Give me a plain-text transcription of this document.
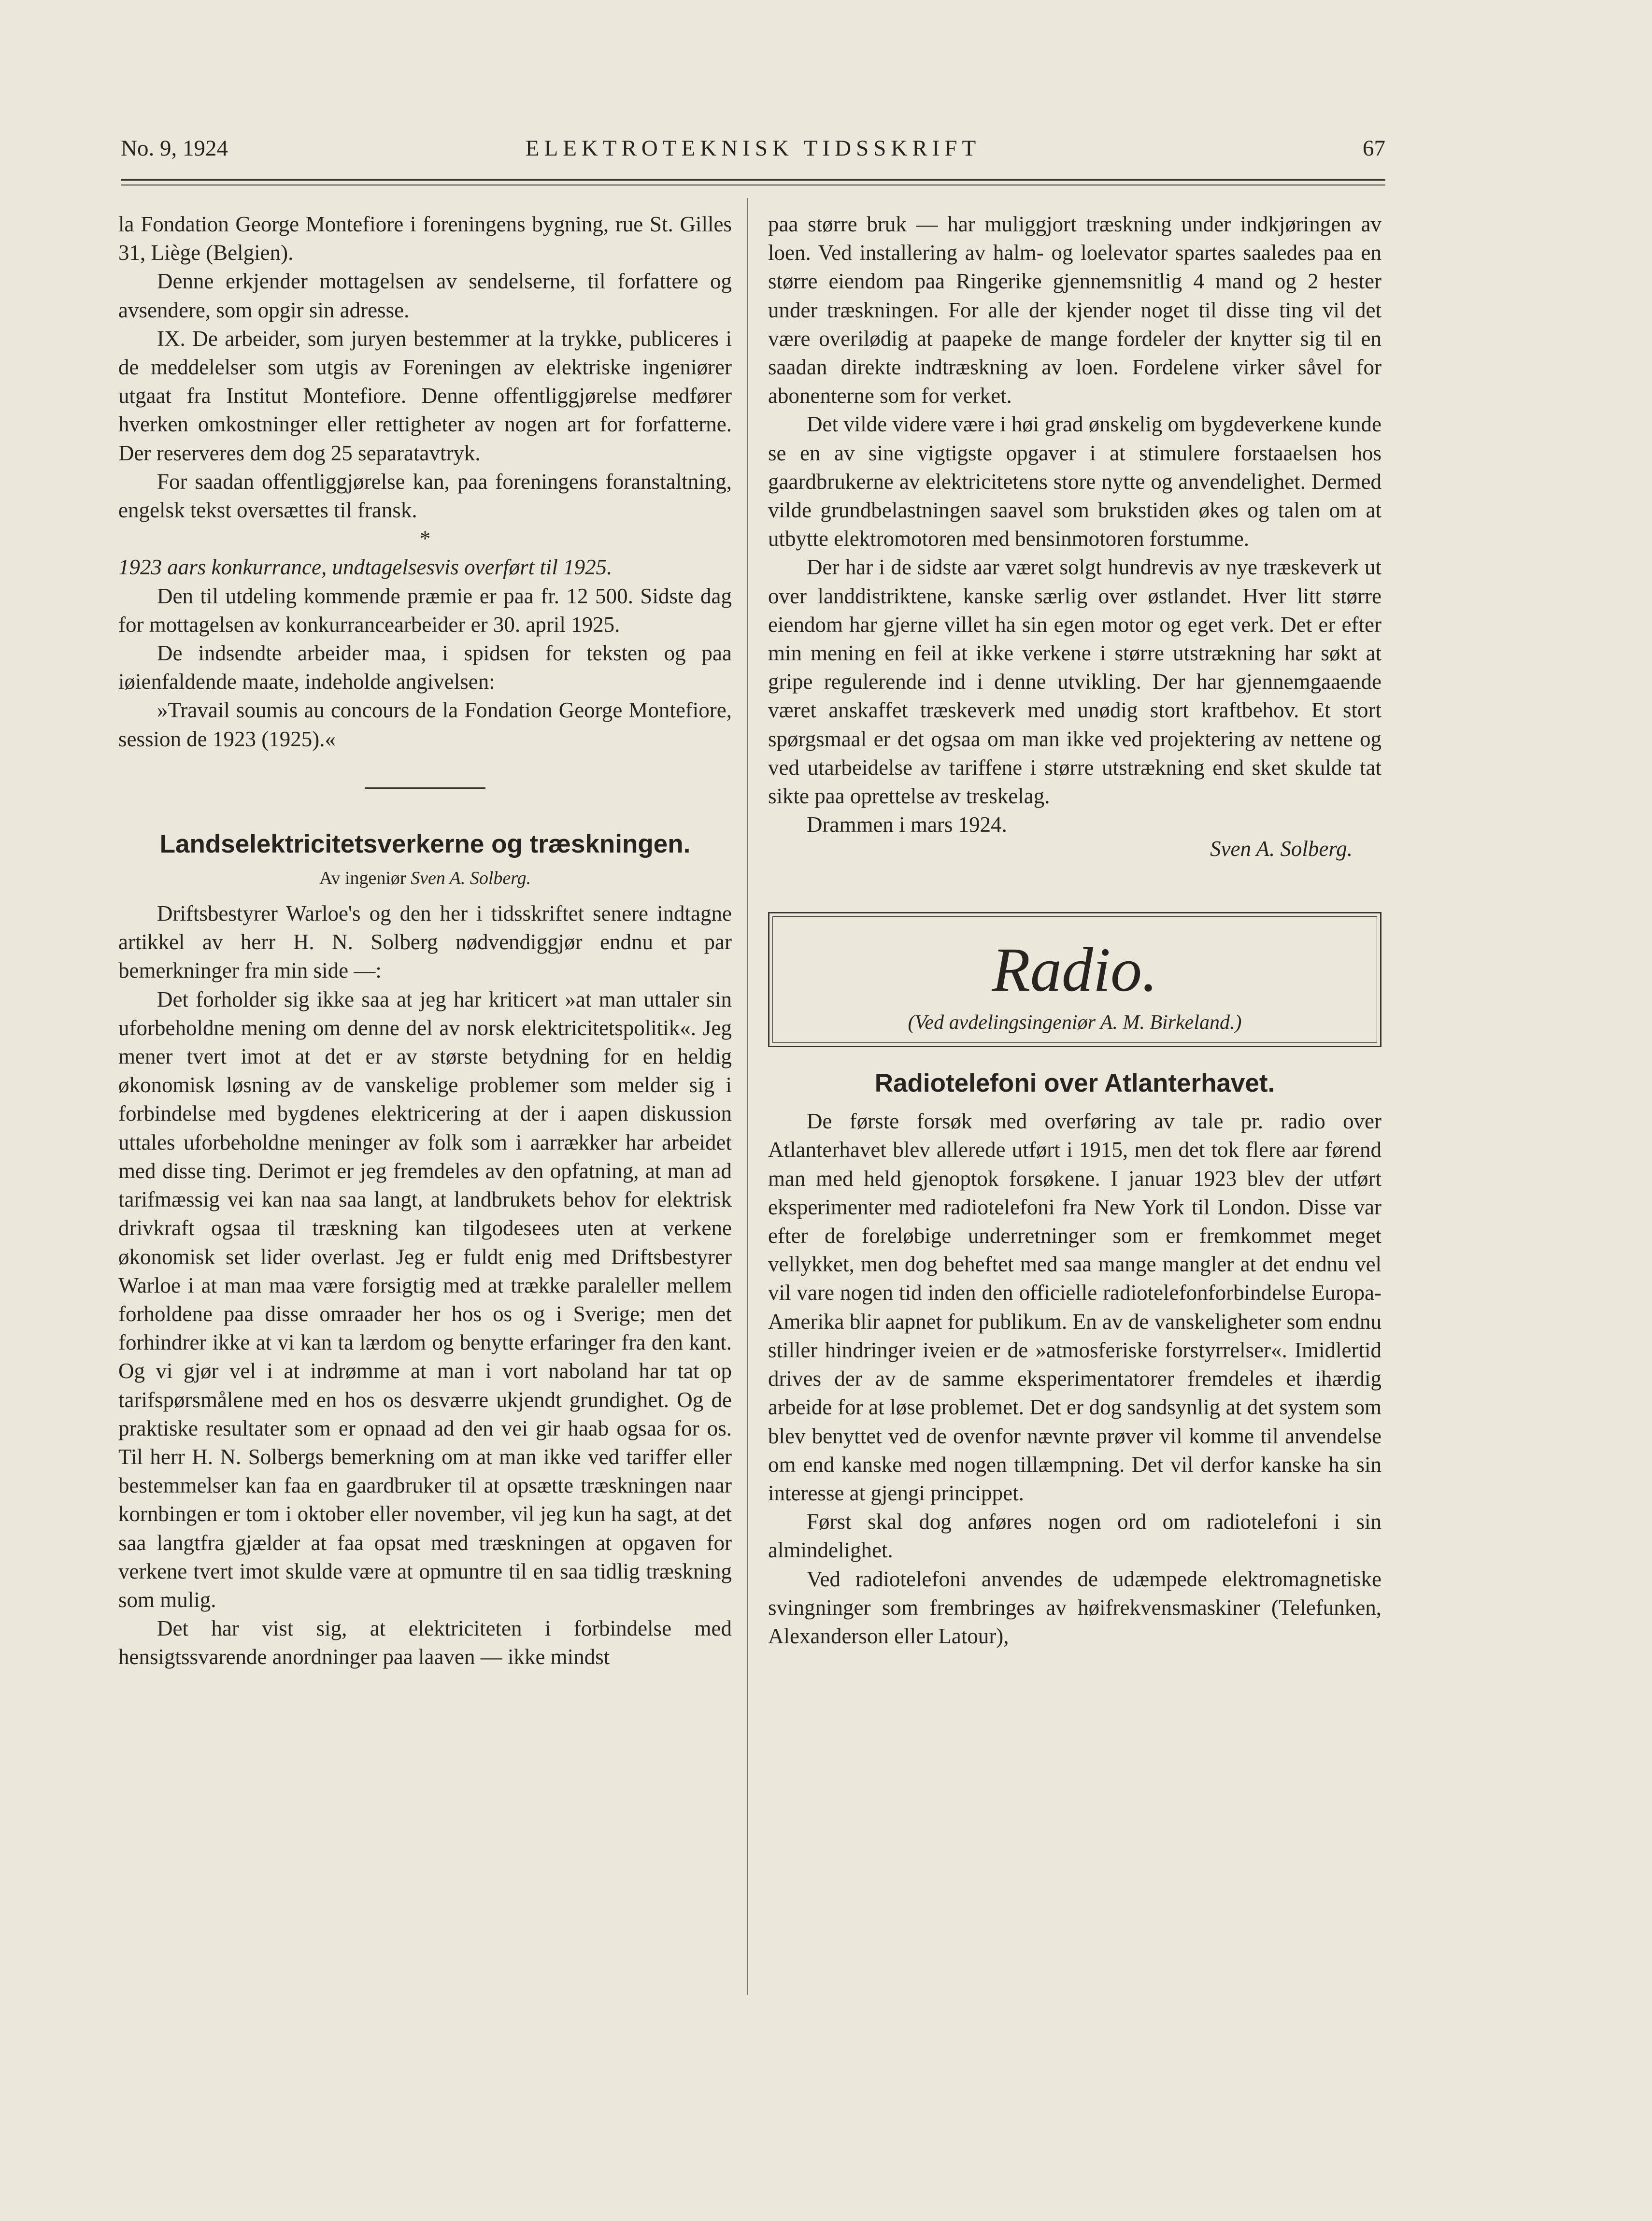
No. 9, 1924	ELEKTROTEKNISK TIDSSKRIFT	67

la Fondation George Montefiore i foreningens bygning, rue St. Gilles 31, Liège (Belgien).

Denne erkjender mottagelsen av sendelserne, til forfattere og avsendere, som opgir sin adresse.

IX. De arbeider, som juryen bestemmer at la trykke, publiceres i de meddelelser som utgis av Foreningen av elektriske ingeniører utgaat fra Institut Montefiore. Denne offentliggjørelse medfører hverken omkostninger eller rettigheter av nogen art for forfatterne. Der reserveres dem dog 25 separatavtryk.

For saadan offentliggjørelse kan, paa foreningens foranstaltning, engelsk tekst oversættes til fransk.

*

1923 aars konkurrance, undtagelsesvis overført til 1925.

Den til utdeling kommende præmie er paa fr. 12 500. Sidste dag for mottagelsen av konkurrancearbeider er 30. april 1925.

De indsendte arbeider maa, i spidsen for teksten og paa iøienfaldende maate, indeholde angivelsen:

»Travail soumis au concours de la Fondation George Montefiore, session de 1923 (1925).«

Landselektricitetsverkerne og træskningen.
Av ingeniør Sven A. Solberg.

Driftsbestyrer Warloe's og den her i tidsskriftet senere indtagne artikkel av herr H. N. Solberg nødvendiggjør endnu et par bemerkninger fra min side —:

Det forholder sig ikke saa at jeg har kriticert »at man uttaler sin uforbeholdne mening om denne del av norsk elektricitetspolitik«. Jeg mener tvert imot at det er av største betydning for en heldig økonomisk løsning av de vanskelige problemer som melder sig i forbindelse med bygdenes elektricering at der i aapen diskussion uttales uforbeholdne meninger av folk som i aarrækker har arbeidet med disse ting. Derimot er jeg fremdeles av den opfatning, at man ad tarifmæssig vei kan naa saa langt, at landbrukets behov for elektrisk drivkraft ogsaa til træskning kan tilgodesees uten at verkene økonomisk set lider overlast. Jeg er fuldt enig med Driftsbestyrer Warloe i at man maa være forsigtig med at trække paraleller mellem forholdene paa disse omraader her hos os og i Sverige; men det forhindrer ikke at vi kan ta lærdom og benytte erfaringer fra den kant. Og vi gjør vel i at indrømme at man i vort naboland har tat op tarifspørsmålene med en hos os desværre ukjendt grundighet. Og de praktiske resultater som er opnaad ad den vei gir haab ogsaa for os. Til herr H. N. Solbergs bemerkning om at man ikke ved tariffer eller bestemmelser kan faa en gaardbruker til at opsætte træskningen naar kornbingen er tom i oktober eller november, vil jeg kun ha sagt, at det saa langtfra gjælder at faa opsat med træskningen at opgaven for verkene tvert imot skulde være at opmuntre til en saa tidlig træskning som mulig.

Det har vist sig, at elektriciteten i forbindelse med hensigtssvarende anordninger paa laaven — ikke mindst

paa større bruk — har muliggjort træskning under indkjøringen av loen. Ved installering av halm- og loelevator spartes saaledes paa en større eiendom paa Ringerike gjennemsnitlig 4 mand og 2 hester under træskningen. For alle der kjender noget til disse ting vil det være overilødig at paapeke de mange fordeler der knytter sig til en saadan direkte indtræskning av loen. Fordelene virker såvel for abonenterne som for verket.

Det vilde videre være i høi grad ønskelig om bygdeverkene kunde se en av sine vigtigste opgaver i at stimulere forstaaelsen hos gaardbrukerne av elektricitetens store nytte og anvendelighet. Dermed vilde grundbelastningen saavel som brukstiden økes og talen om at utbytte elektromotoren med bensinmotoren forstumme.

Der har i de sidste aar været solgt hundrevis av nye træskeverk ut over landdistriktene, kanske særlig over østlandet. Hver litt større eiendom har gjerne villet ha sin egen motor og eget verk. Det er efter min mening en feil at ikke verkene i større utstrækning har søkt at gripe regulerende ind i denne utvikling. Der har gjennemgaaende været anskaffet træskeverk med unødig stort kraftbehov. Et stort spørgsmaal er det ogsaa om man ikke ved projektering av nettene og ved utarbeidelse av tariffene i større utstrækning end sket skulde tat sikte paa oprettelse av treskelag.

Drammen i mars 1924.
Sven A. Solberg.
Radio.
(Ved avdelingsingeniør A. M. Birkeland.)
Radiotelefoni over Atlanterhavet.

De første forsøk med overføring av tale pr. radio over Atlanterhavet blev allerede utført i 1915, men det tok flere aar førend man med held gjenoptok forsøkene. I januar 1923 blev der utført eksperimenter med radiotelefoni fra New York til London. Disse var efter de foreløbige underretninger som er fremkommet meget vellykket, men dog beheftet med saa mange mangler at det endnu vel vil vare nogen tid inden den officielle radiotelefonforbindelse Europa-Amerika blir aapnet for publikum. En av de vanskeligheter som endnu stiller hindringer iveien er de »atmosferiske forstyrrelser«. Imidlertid drives der av de samme eksperimentatorer fremdeles et ihærdig arbeide for at løse problemet. Det er dog sandsynlig at det system som blev benyttet ved de ovenfor nævnte prøver vil komme til anvendelse om end kanske med nogen tillæmpning. Det vil derfor kanske ha sin interesse at gjengi princippet.

Først skal dog anføres nogen ord om radiotelefoni i sin almindelighet.

Ved radiotelefoni anvendes de udæmpede elektromagnetiske svingninger som frembringes av høifrekvensmaskiner (Telefunken, Alexanderson eller Latour),
